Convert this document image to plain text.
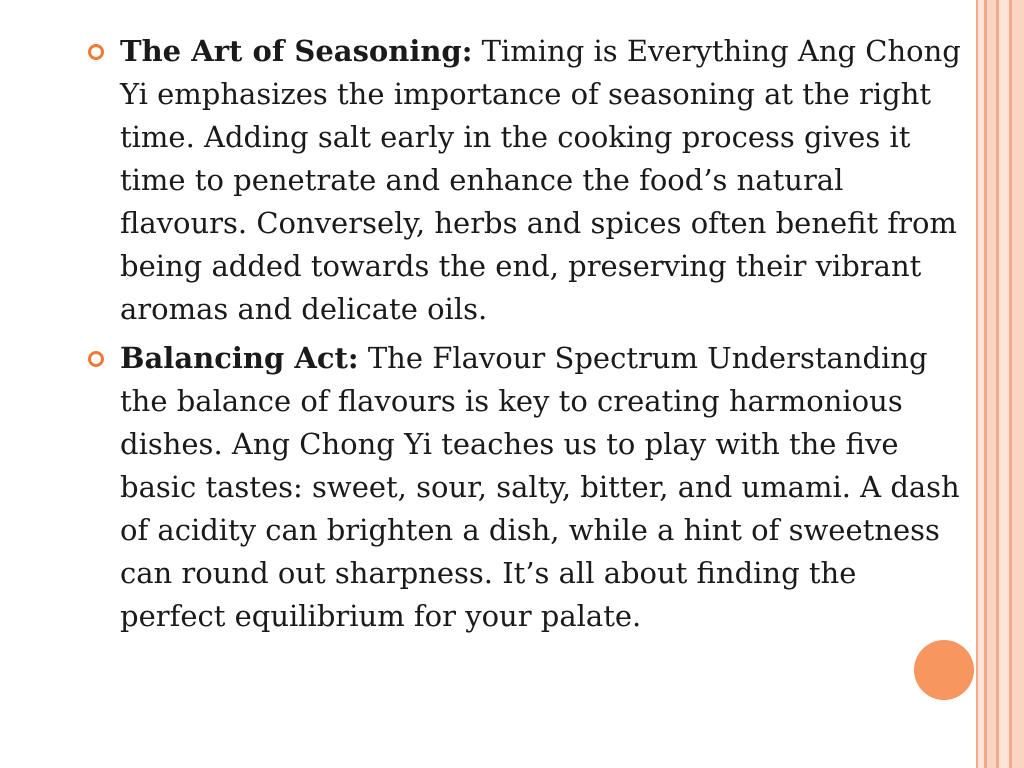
The Art of Seasoning: Timing is Everything Ang Chong Yi emphasizes the importance of seasoning at the right time. Adding salt early in the cooking process gives it time to penetrate and enhance the food’s natural flavours. Conversely, herbs and spices often benefit from being added towards the end, preserving their vibrant aromas and delicate oils.
Balancing Act: The Flavour Spectrum Understanding the balance of flavours is key to creating harmonious dishes. Ang Chong Yi teaches us to play with the five basic tastes: sweet, sour, salty, bitter, and umami. A dash of acidity can brighten a dish, while a hint of sweetness can round out sharpness. It’s all about finding the perfect equilibrium for your palate.
